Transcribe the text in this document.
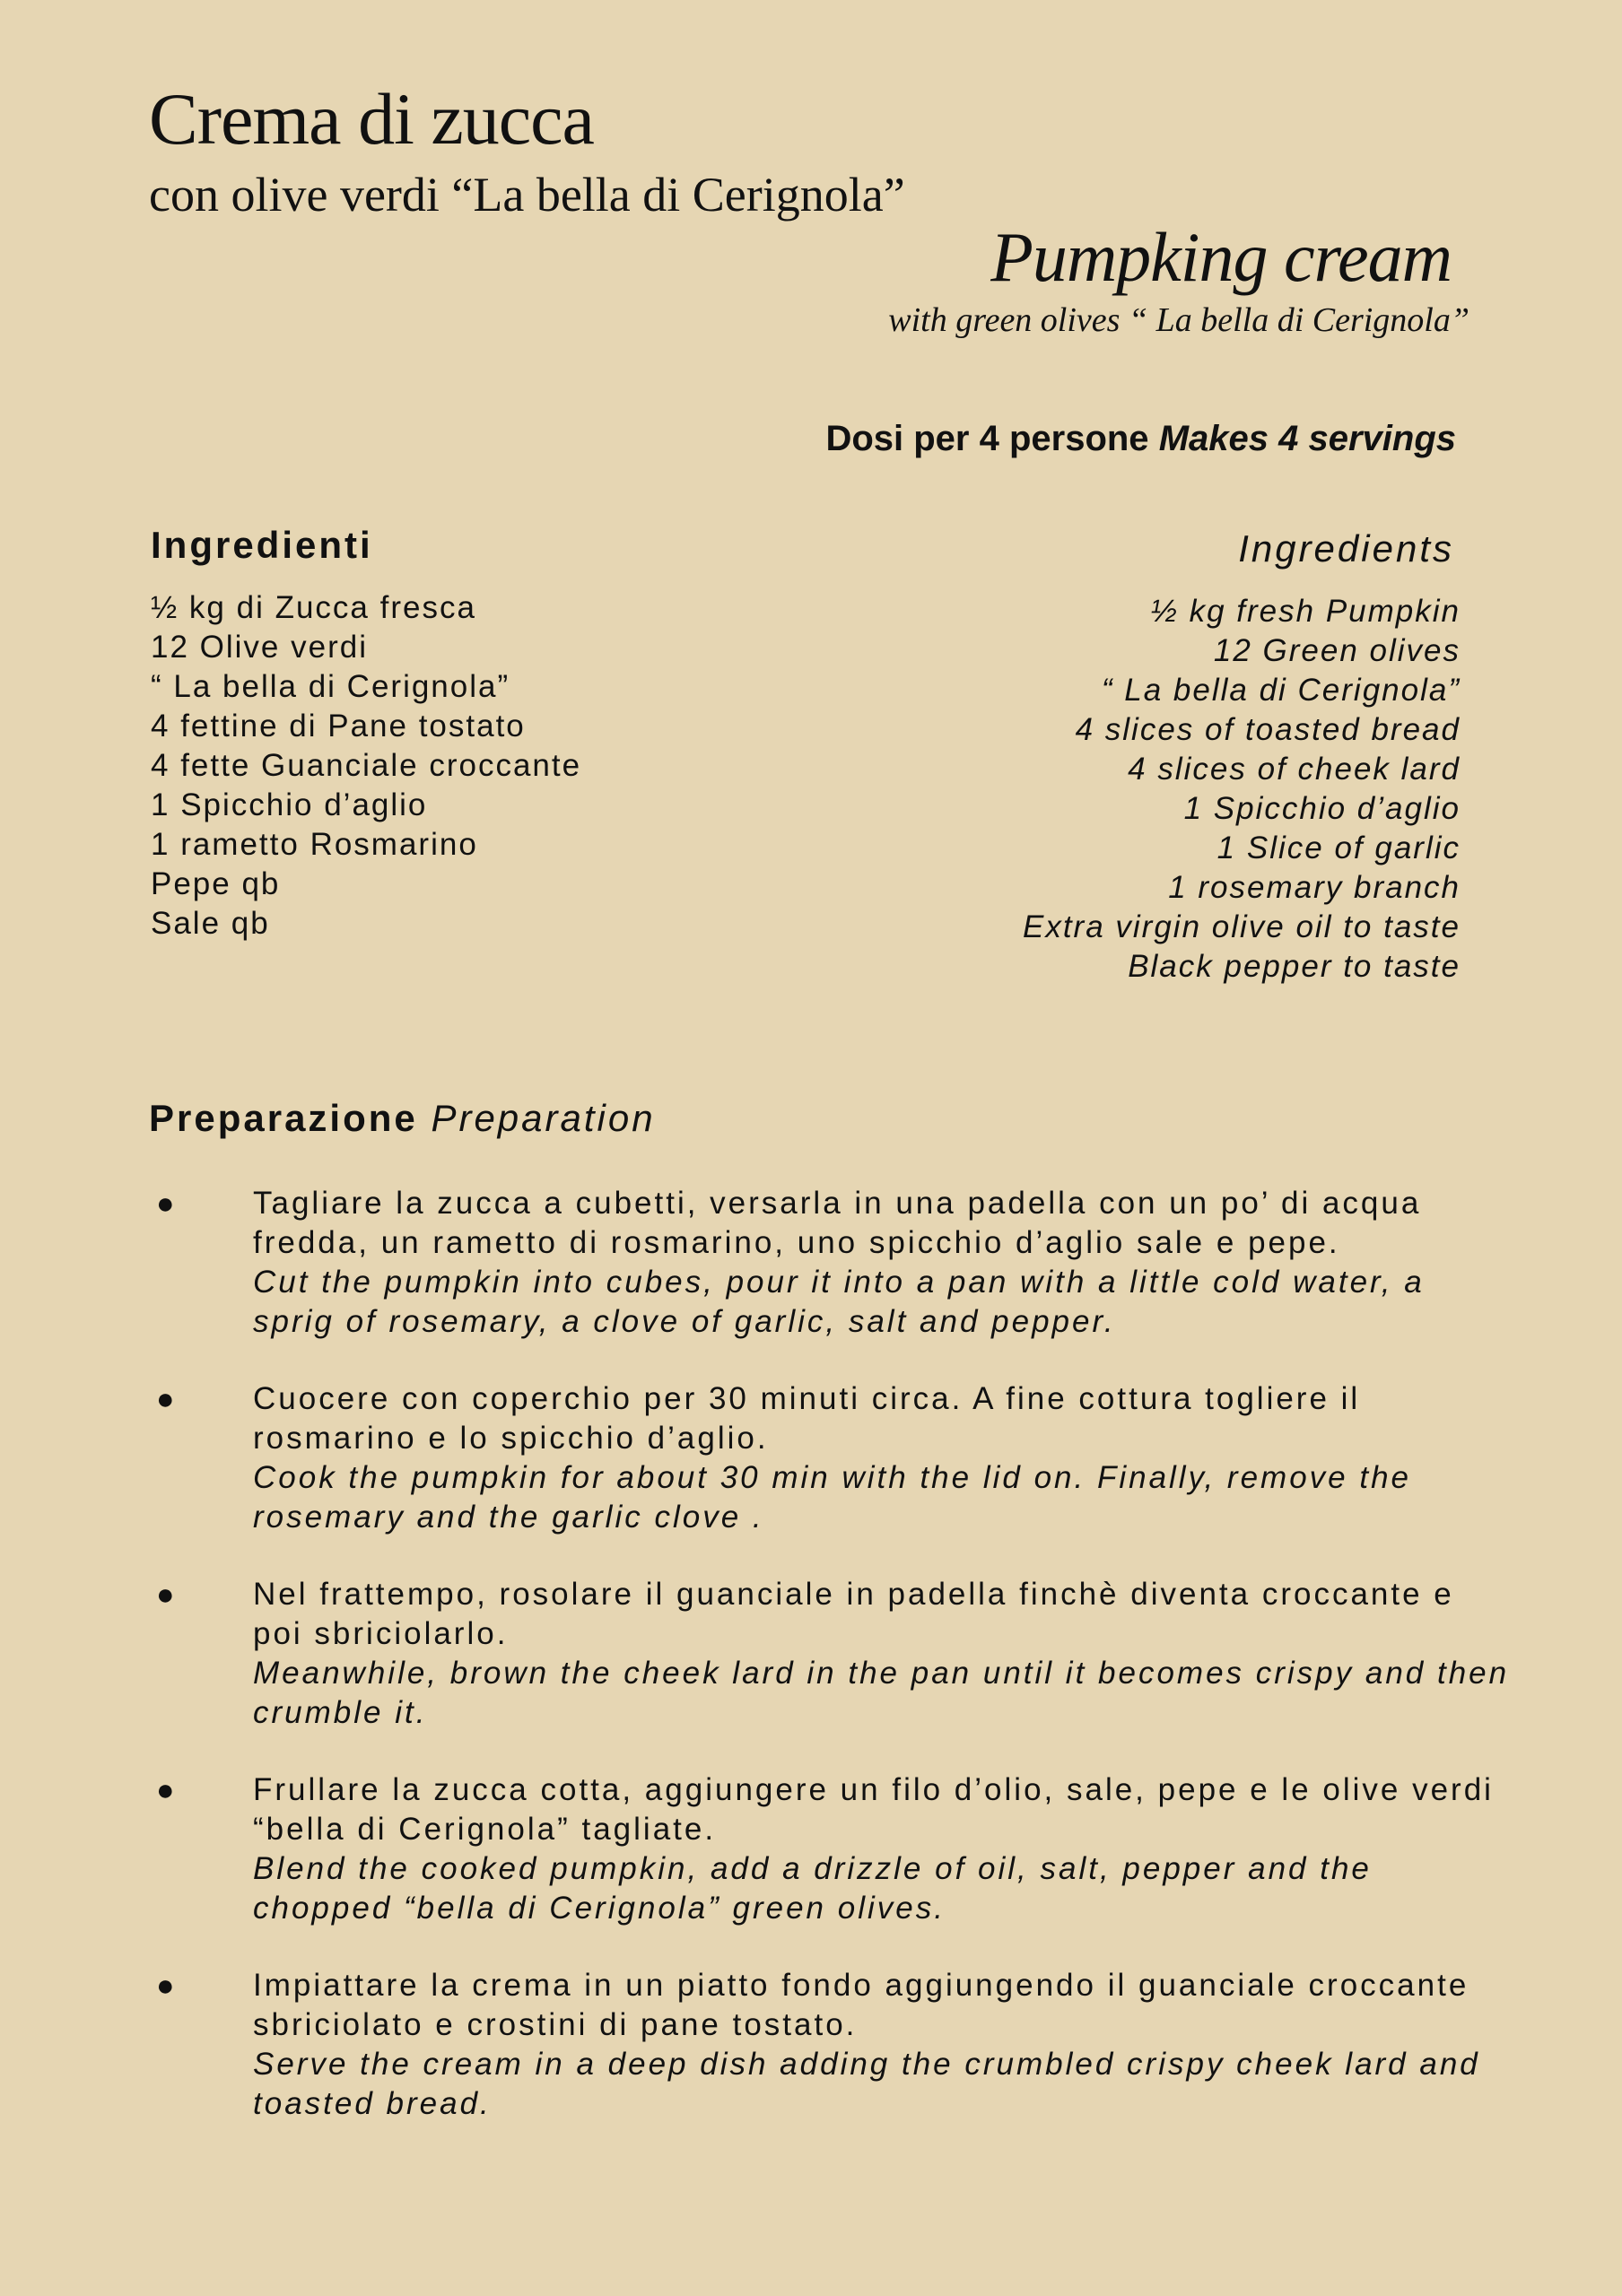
Crema di zucca
con olive verdi “La bella di Cerignola”
Pumpking cream
with green olives “ La bella di Cerignola”
Dosi per 4 persone Makes 4 servings
Ingredienti	Ingredients
½ kg di Zucca fresca
12 Olive verdi
“ La bella di Cerignola”
4 fettine di Pane tostato
4 fette Guanciale croccante
1 Spicchio d’aglio
1 rametto Rosmarino
Pepe qb
Sale qb
½ kg fresh Pumpkin
12 Green olives
“ La bella di Cerignola”
4 slices of toasted bread
4 slices of cheek lard
1 Spicchio d’aglio
1 Slice of garlic
1 rosemary branch
Extra virgin olive oil to taste
Black pepper to taste
Preparazione Preparation
● Tagliare la zucca a cubetti, versarla in una padella con un po’ di acqua fredda, un rametto di rosmarino, uno spicchio d’aglio sale e pepe.
Cut the pumpkin into cubes, pour it into a pan with a little cold water, a sprig of rosemary, a clove of garlic, salt and pepper.
● Cuocere con coperchio per 30 minuti circa. A fine cottura togliere il rosmarino e lo spicchio d’aglio.
Cook the pumpkin for about 30 min with the lid on. Finally, remove the rosemary and the garlic clove .
● Nel frattempo, rosolare il guanciale in padella finchè diventa croccante e poi sbriciolarlo.
Meanwhile, brown the cheek lard in the pan until it becomes crispy and then crumble it.
● Frullare la zucca cotta, aggiungere un filo d’olio, sale, pepe e le olive verdi “bella di Cerignola” tagliate.
Blend the cooked pumpkin, add a drizzle of oil, salt, pepper and the chopped “bella di Cerignola” green olives.
● Impiattare la crema in un piatto fondo aggiungendo il guanciale croccante sbriciolato e crostini di pane tostato.
Serve the cream in a deep dish adding the crumbled crispy cheek lard and toasted bread.
